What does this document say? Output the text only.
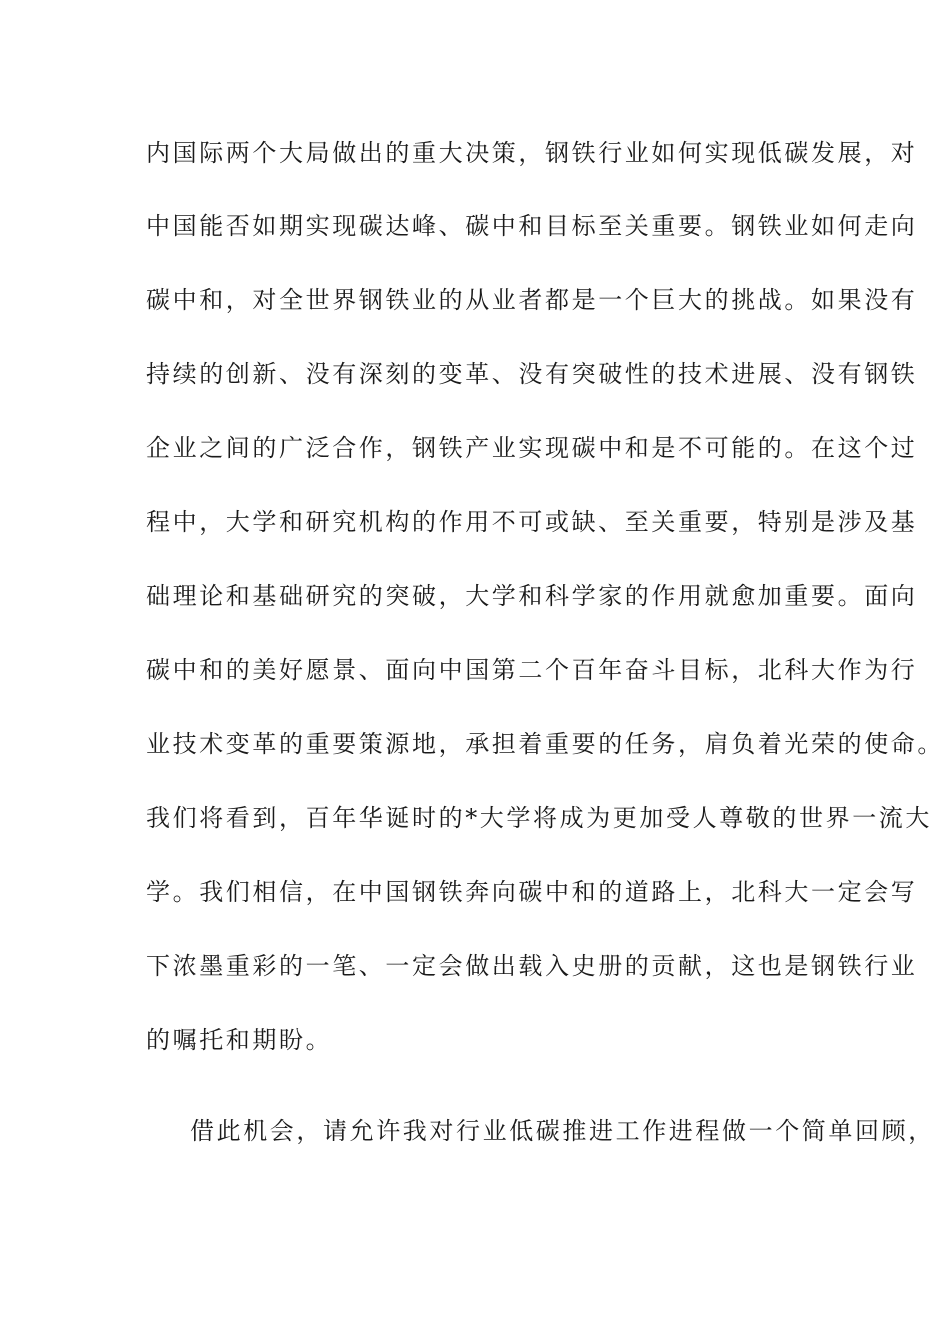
内国际两个大局做出的重大决策，钢铁行业如何实现低碳发展，对
中国能否如期实现碳达峰、碳中和目标至关重要。钢铁业如何走向
碳中和，对全世界钢铁业的从业者都是一个巨大的挑战。如果没有
持续的创新、没有深刻的变革、没有突破性的技术进展、没有钢铁
企业之间的广泛合作，钢铁产业实现碳中和是不可能的。在这个过
程中，大学和研究机构的作用不可或缺、至关重要，特别是涉及基
础理论和基础研究的突破，大学和科学家的作用就愈加重要。面向
碳中和的美好愿景、面向中国第二个百年奋斗目标，北科大作为行
业技术变革的重要策源地，承担着重要的任务，肩负着光荣的使命。
我们将看到，百年华诞时的*大学将成为更加受人尊敬的世界一流大
学。我们相信，在中国钢铁奔向碳中和的道路上，北科大一定会写
下浓墨重彩的一笔、一定会做出载入史册的贡献，这也是钢铁行业
的嘱托和期盼。
借此机会，请允许我对行业低碳推进工作进程做一个简单回顾，
